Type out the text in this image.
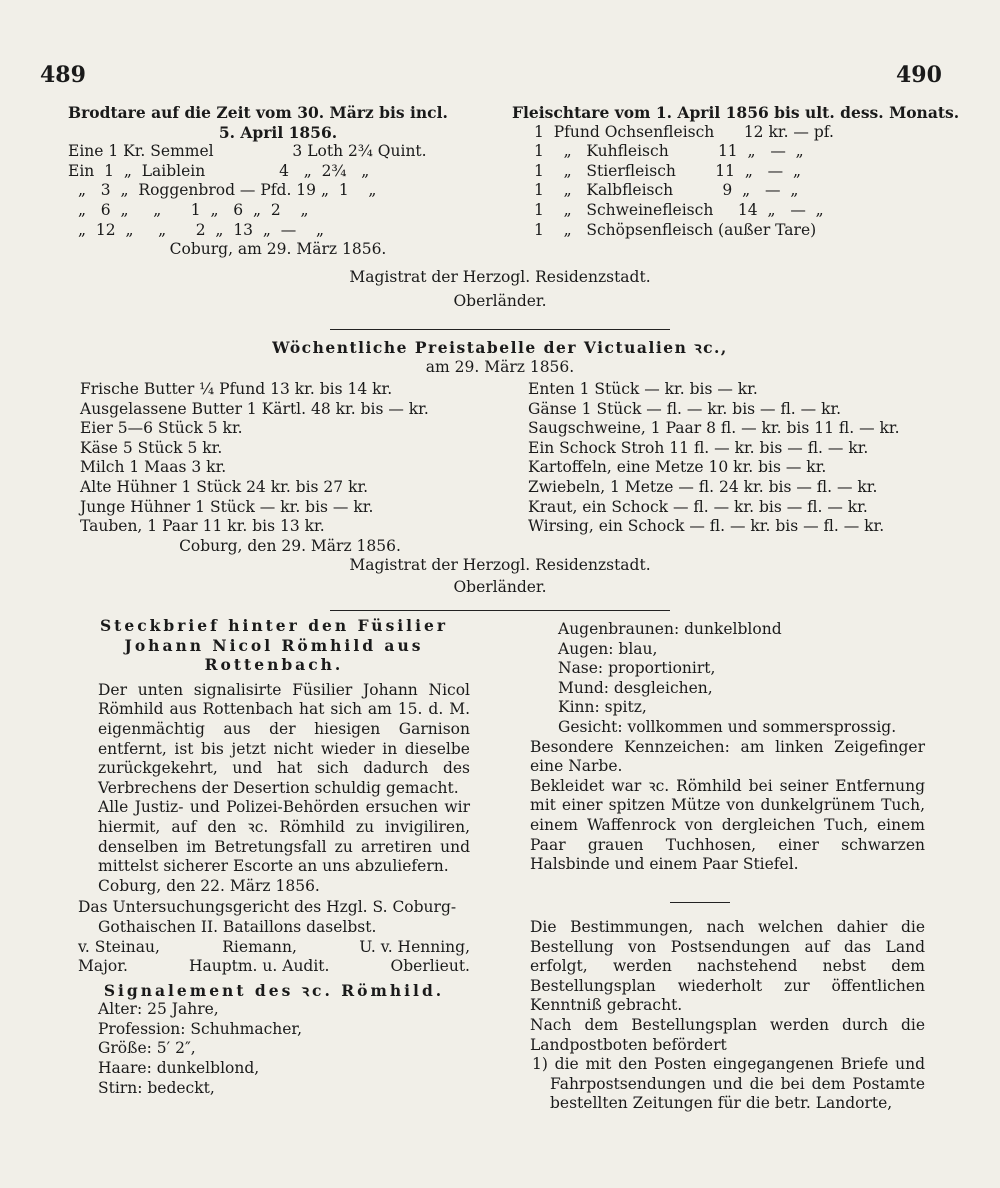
489	490
Brodtare auf die Zeit vom 30. März bis incl.
5. April 1856.
Eine 1 Kr. Semmel                3 Loth 2¾ Quint.
Ein  1  „  Laiblein               4   „  2¾   „
„   3  „  Roggenbrod — Pfd. 19 „  1    „
„   6  „     „      1  „   6  „  2    „
„  12  „     „      2  „  13  „  —    „
Coburg, am 29. März 1856.
Fleischtare vom 1. April 1856 bis ult. dess. Monats.
1  Pfund Ochsenfleisch      12 kr. — pf.
1    „   Kuhfleisch          11  „   —  „
1    „   Stierfleisch        11  „   —  „
1    „   Kalbfleisch          9  „   —  „
1    „   Schweinefleisch     14  „   —  „
1    „   Schöpsenfleisch (außer Tare)
Magistrat der Herzogl. Residenzstadt.
Oberländer.
Wöchentliche Preistabelle der Victualien ꝛc.,
am 29. März 1856.
Frische Butter ¼ Pfund 13 kr. bis 14 kr.
Ausgelassene Butter 1 Kärtl. 48 kr. bis — kr.
Eier 5—6 Stück 5 kr.
Käse 5 Stück 5 kr.
Milch 1 Maas 3 kr.
Alte Hühner 1 Stück 24 kr. bis 27 kr.
Junge Hühner 1 Stück — kr. bis — kr.
Tauben, 1 Paar 11 kr. bis 13 kr.
Coburg, den 29. März 1856.
Enten 1 Stück — kr. bis — kr.
Gänse 1 Stück — fl. — kr. bis — fl. — kr.
Saugschweine, 1 Paar 8 fl. — kr. bis 11 fl. — kr.
Ein Schock Stroh 11 fl. — kr. bis — fl. — kr.
Kartoffeln, eine Metze 10 kr. bis — kr.
Zwiebeln, 1 Metze — fl. 24 kr. bis — fl. — kr.
Kraut, ein Schock — fl. — kr. bis — fl. — kr.
Wirsing, ein Schock — fl. — kr. bis — fl. — kr.
Magistrat der Herzogl. Residenzstadt.
Oberländer.
Steckbrief hinter den Füsilier
Johann Nicol Römhild aus
Rottenbach.
Der unten signalisirte Füsilier Johann Nicol Römhild aus Rottenbach hat sich am 15. d. M. eigenmächtig aus der hiesigen Garnison entfernt, ist bis jetzt nicht wieder in dieselbe zurückgekehrt, und hat sich dadurch des Verbrechens der Desertion schuldig gemacht.
Alle Justiz- und Polizei-Behörden ersuchen wir hiermit, auf den ꝛc. Römhild zu invigiliren, denselben im Betretungsfall zu arretiren und mittelst sicherer Escorte an uns abzuliefern.
Coburg, den 22. März 1856.
Das Untersuchungsgericht des Hzgl. S. Coburg-
Gothaischen II. Bataillons daselbst.
v. Steinau,	Riemann,	U. v. Henning,
Major.	Hauptm. u. Audit.	Oberlieut.
Signalement des ꝛc. Römhild.
Alter: 25 Jahre,
Profession: Schuhmacher,
Größe: 5′ 2″,
Haare: dunkelblond,
Stirn: bedeckt,
Augenbraunen: dunkelblond
Augen: blau,
Nase: proportionirt,
Mund: desgleichen,
Kinn: spitz,
Gesicht: vollkommen und sommersprossig.
Besondere Kennzeichen: am linken Zeigefinger eine Narbe.
Bekleidet war ꝛc. Römhild bei seiner Entfernung mit einer spitzen Mütze von dunkelgrünem Tuch, einem Waffenrock von dergleichen Tuch, einem Paar grauen Tuchhosen, einer schwarzen Halsbinde und einem Paar Stiefel.
Die Bestimmungen, nach welchen dahier die Bestellung von Postsendungen auf das Land erfolgt, werden nachstehend nebst dem Bestellungsplan wiederholt zur öffentlichen Kenntniß gebracht.
Nach dem Bestellungsplan werden durch die Landpostboten befördert
1) die mit den Posten eingegangenen Briefe und Fahrpostsendungen und die bei dem Postamte bestellten Zeitungen für die betr. Landorte,
